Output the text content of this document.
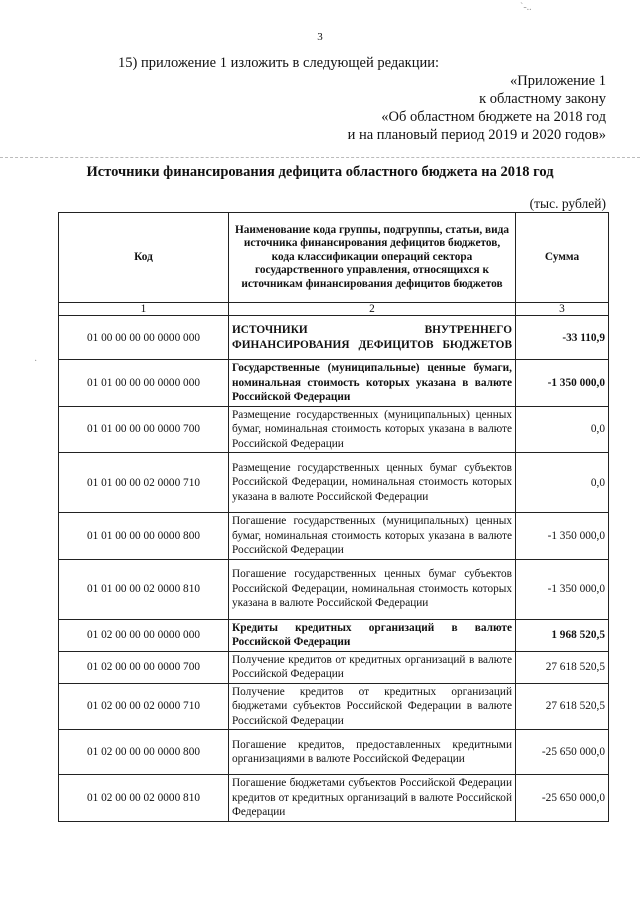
3
15) приложение 1 изложить в следующей редакции:
«Приложение 1
к областному закону
«Об областном бюджете на 2018 год
и на плановый период 2019 и 2020 годов»
Источники финансирования дефицита областного бюджета на 2018 год
(тыс. рублей)
Код	Наименование кода группы, подгруппы, статьи, вида источника финансирования дефицитов бюджетов, кода классификации операций сектора государственного управления, относящихся к источникам финансирования дефицитов бюджетов	Сумма
1	2	3
01 00 00 00 00 0000 000	ИСТОЧНИКИ ВНУТРЕННЕГО ФИНАНСИРОВАНИЯ ДЕФИЦИТОВ БЮДЖЕТОВ	-33 110,9
01 01 00 00 00 0000 000	Государственные (муниципальные) ценные бумаги, номинальная стоимость которых указана в валюте Российской Федерации	-1 350 000,0
01 01 00 00 00 0000 700	Размещение государственных (муниципальных) ценных бумаг, номинальная стоимость которых указана в валюте Российской Федерации	0,0
01 01 00 00 02 0000 710	Размещение государственных ценных бумаг субъектов Российской Федерации, номинальная стоимость которых указана в валюте Российской Федерации	0,0
01 01 00 00 00 0000 800	Погашение государственных (муниципальных) ценных бумаг, номинальная стоимость которых указана в валюте Российской Федерации	-1 350 000,0
01 01 00 00 02 0000 810	Погашение государственных ценных бумаг субъектов Российской Федерации, номинальная стоимость которых указана в валюте Российской Федерации	-1 350 000,0
01 02 00 00 00 0000 000	Кредиты кредитных организаций в валюте Российской Федерации	1 968 520,5
01 02 00 00 00 0000 700	Получение кредитов от кредитных организаций в валюте Российской Федерации	27 618 520,5
01 02 00 00 02 0000 710	Получение кредитов от кредитных организаций бюджетами субъектов Российской Федерации в валюте Российской Федерации	27 618 520,5
01 02 00 00 00 0000 800	Погашение кредитов, предоставленных кредитными организациями в валюте Российской Федерации	-25 650 000,0
01 02 00 00 02 0000 810	Погашение бюджетами субъектов Российской Федерации кредитов от кредитных организаций в валюте Российской Федерации	-25 650 000,0
ˋ-..
·
